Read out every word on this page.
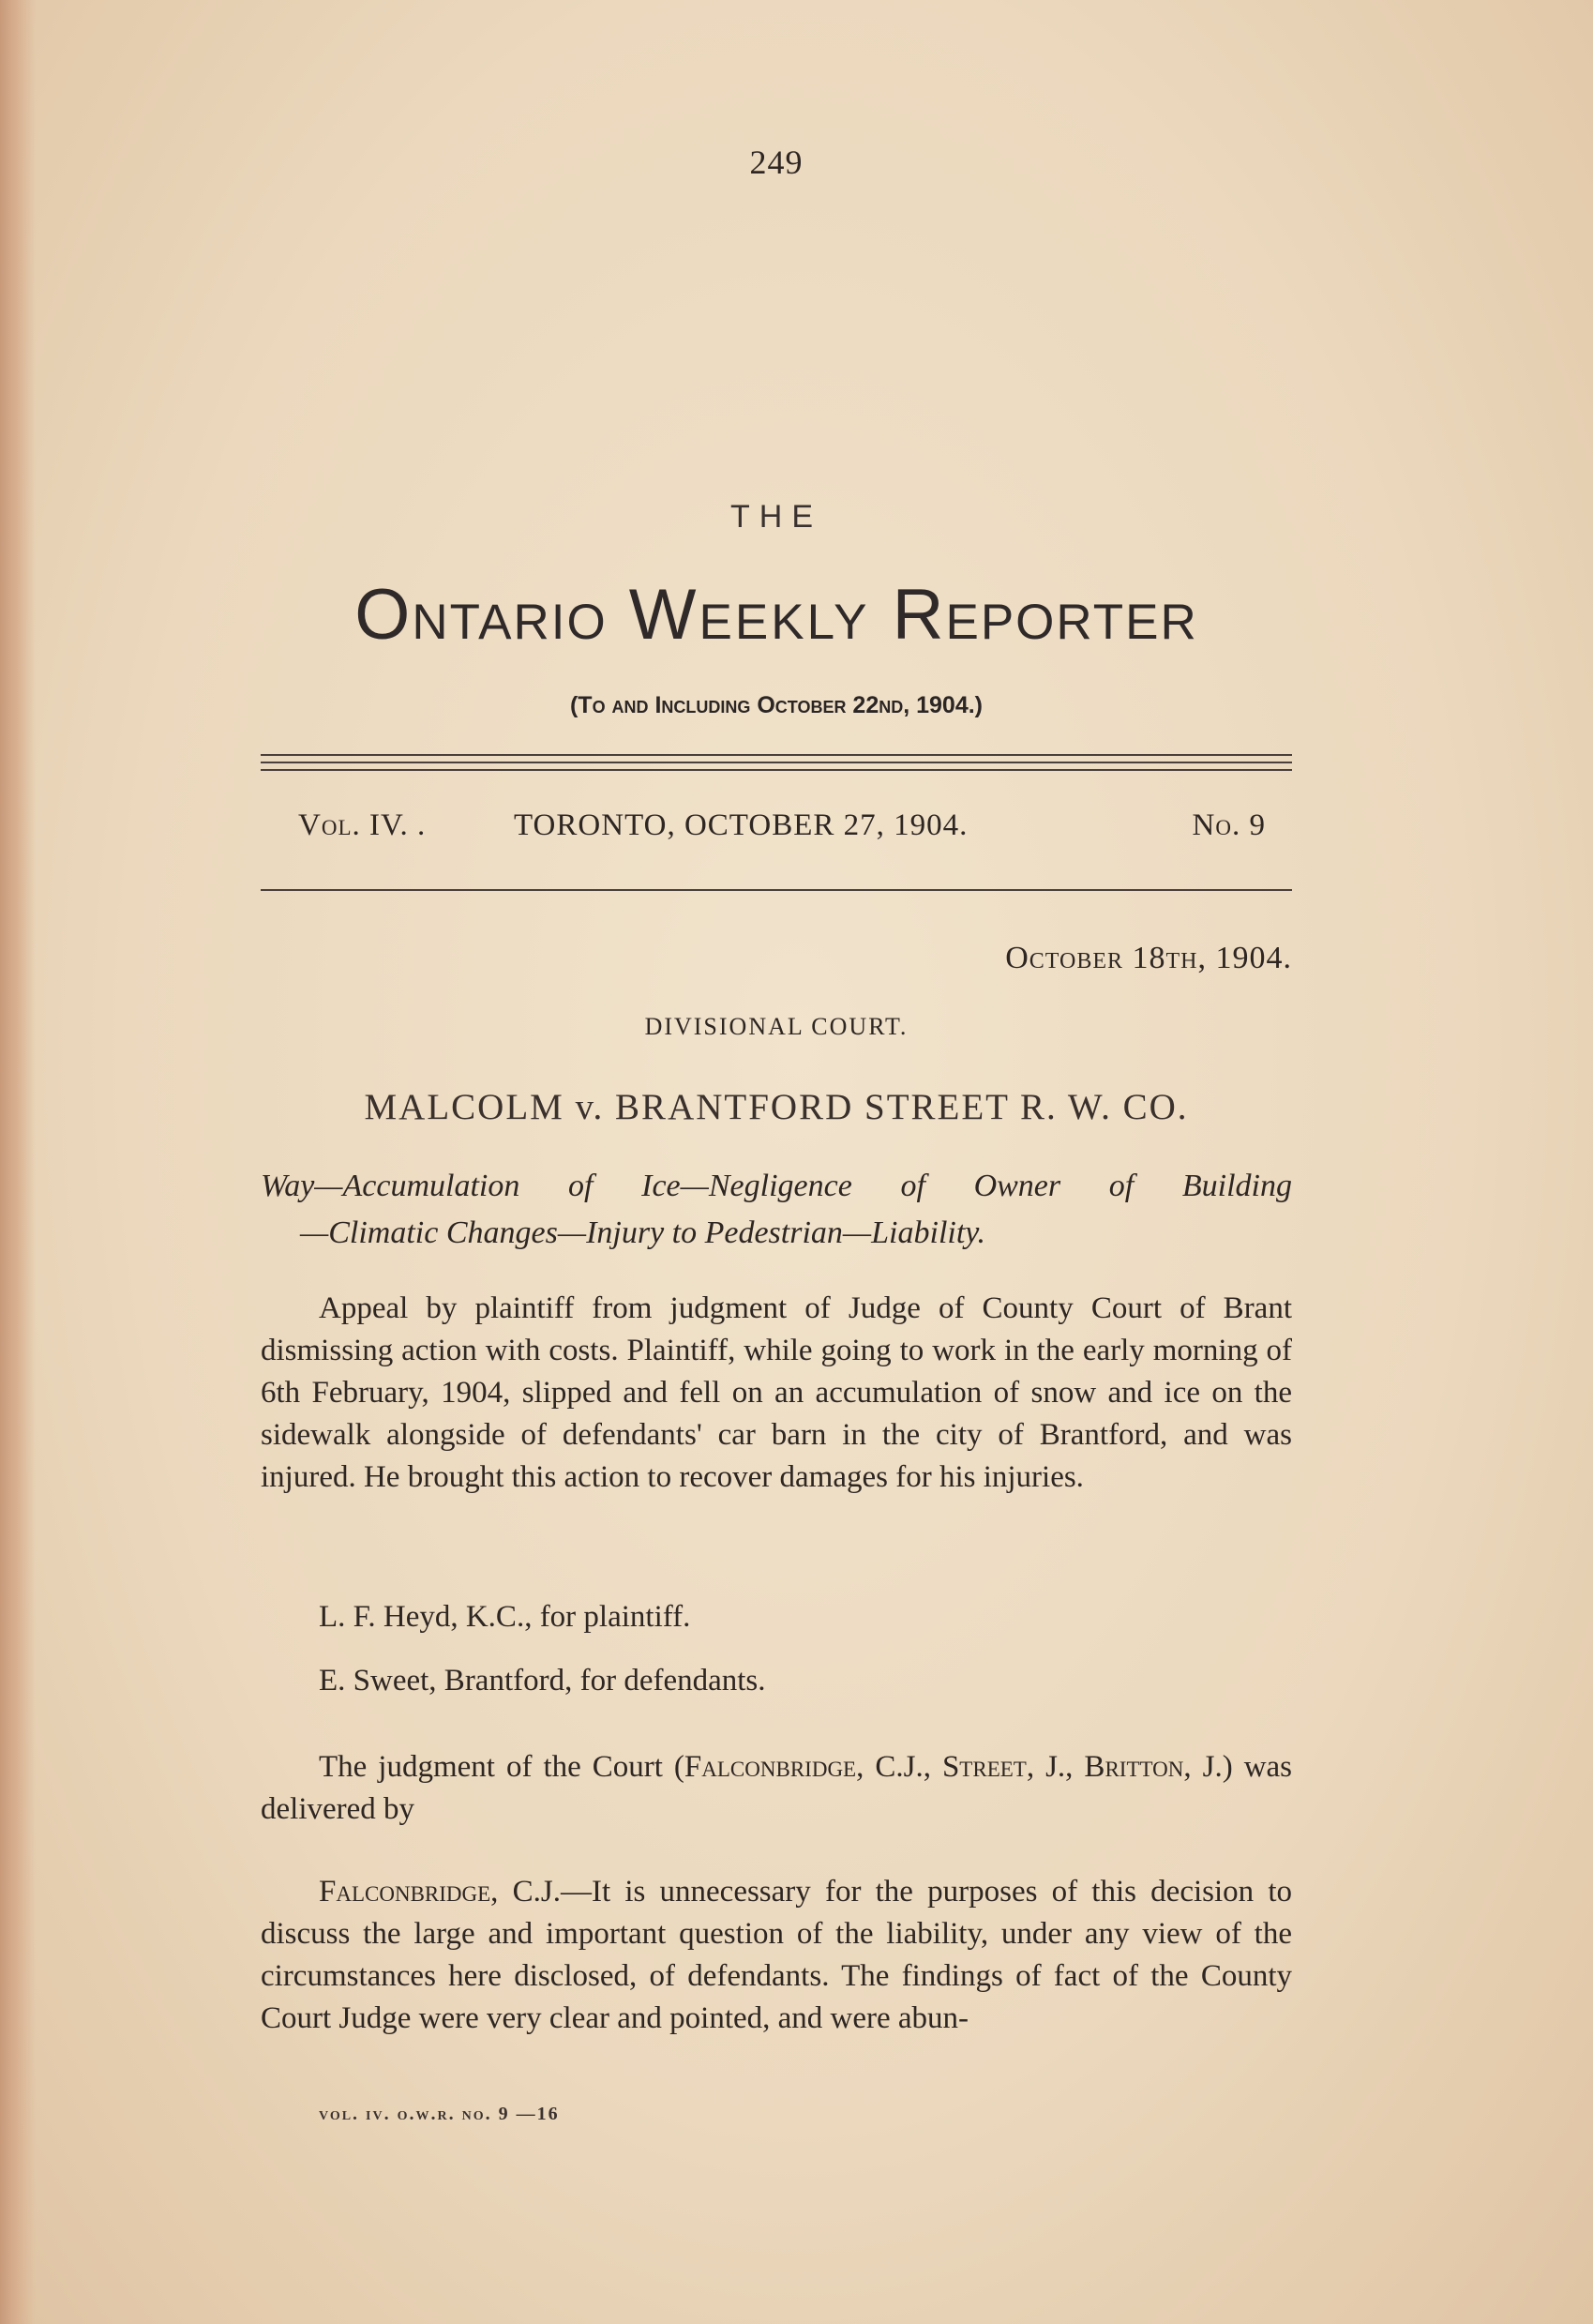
249
THE
Ontario Weekly Reporter
(To and Including October 22nd, 1904.)
Vol. IV. .	TORONTO, OCTOBER 27, 1904.	No. 9
October 18th, 1904.
DIVISIONAL COURT.
MALCOLM v. BRANTFORD STREET R. W. CO.
Way—Accumulation of Ice—Negligence of Owner of Building
—Climatic Changes—Injury to Pedestrian—Liability.
Appeal by plaintiff from judgment of Judge of County Court of Brant dismissing action with costs. Plaintiff, while going to work in the early morning of 6th February, 1904, slipped and fell on an accumulation of snow and ice on the sidewalk alongside of defendants' car barn in the city of Brantford, and was injured. He brought this action to recover damages for his injuries.
L. F. Heyd, K.C., for plaintiff.
E. Sweet, Brantford, for defendants.
The judgment of the Court (Falconbridge, C.J., Street, J., Britton, J.) was delivered by
Falconbridge, C.J.—It is unnecessary for the purposes of this decision to discuss the large and important question of the liability, under any view of the circumstances here disclosed, of defendants. The findings of fact of the County Court Judge were very clear and pointed, and were abun-
vol. iv. o.w.r. no. 9 —16
